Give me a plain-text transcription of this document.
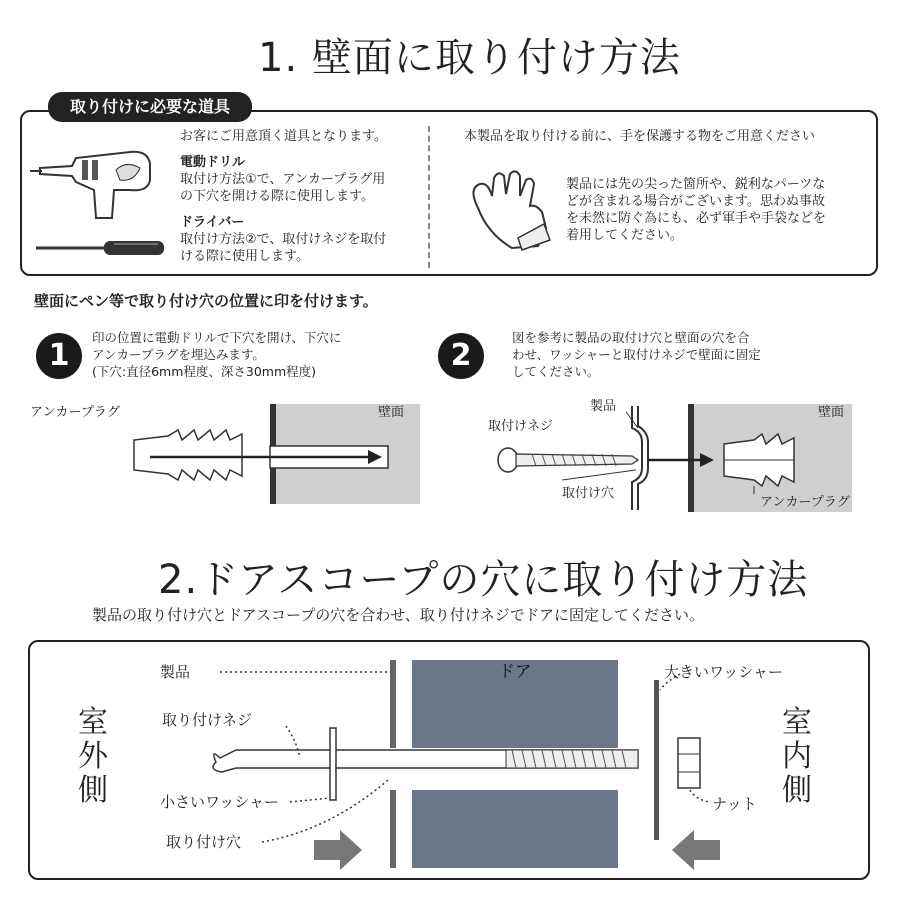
1. 壁面に取り付け方法
取り付けに必要な道具
お客にご用意頂く道具となります。
電動ドリル
取付け方法①で、アンカープラグ用
の下穴を開ける際に使用します。
ドライバー
取付け方法②で、取付けネジを取付
ける際に使用します。
本製品を取り付ける前に、手を保護する物をご用意ください
製品には先の尖った箇所や、鋭利なパーツな
どが含まれる場合がございます。思わぬ事故
を未然に防ぐ為にも、必ず軍手や手袋などを
着用してください。
壁面にペン等で取り付け穴の位置に印を付けます。
1
印の位置に電動ドリルで下穴を開け、下穴に
アンカープラグを埋込みます。
(下穴:直径6mm程度、深さ30mm程度)	2
図を参考に製品の取付け穴と壁面の穴を合
わせ、ワッシャーと取付けネジで壁面に固定
してください。
アンカープラグ	壁面	製品
取付けネジ
取付け穴
壁面
アンカープラグ
2.ドアスコープの穴に取り付け方法
製品の取り付け穴とドアスコープの穴を合わせ、取り付けネジでドアに固定してください。
室外側
室内側
製品
取り付けネジ
小さいワッシャー
取り付け穴
ドア	大きいワッシャー
ナット
